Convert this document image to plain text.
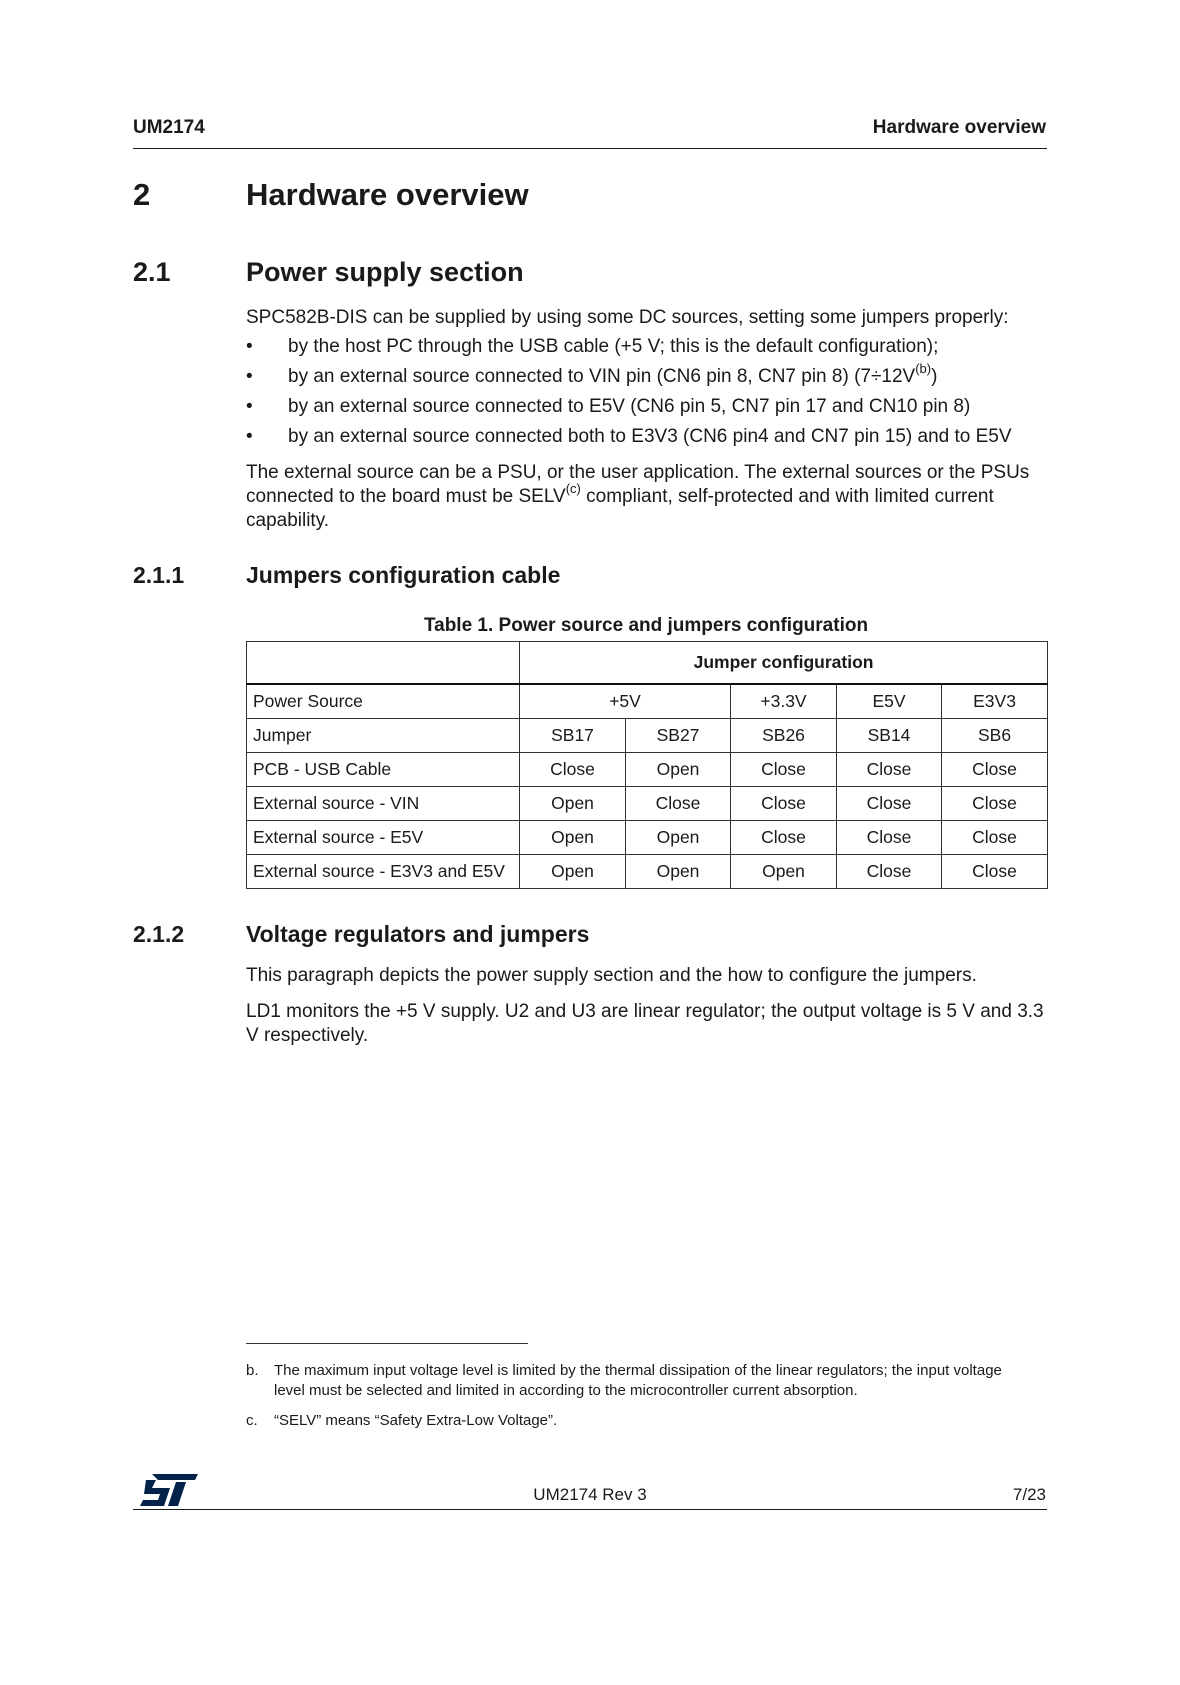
UM2174	Hardware overview
2	Hardware overview
2.1	Power supply section
SPC582B-DIS can be supplied by using some DC sources, setting some jumpers properly:
• by the host PC through the USB cable (+5 V; this is the default configuration);
• by an external source connected to VIN pin (CN6 pin 8, CN7 pin 8) $(7\div 12V^{(b)})$
• by an external source connected to E5V (CN6 pin 5, CN7 pin 17 and CN10 pin 8)
• by an external source connected both to E3V3 (CN6 pin4 and CN7 pin 15) and to E5V
The external source can be a PSU, or the user application. The external sources or the PSUs connected to the board must be SELV$^{(c)}$ compliant, self-protected and with limited current capability.
2.1.1	Jumpers configuration cable
Table 1. Power source and jumpers configuration
	Jumper configuration				
Power Source	+5V		+3.3V	E5V	E3V3
Jumper	SB17	SB27	SB26	SB14	SB6
PCB - USB Cable	Close	Open	Close	Close	Close
External source - VIN	Open	Close	Close	Close	Close
External source - E5V	Open	Open	Close	Close	Close
External source - E3V3 and E5V	Open	Open	Open	Close	Close
2.1.2	Voltage regulators and jumpers
This paragraph depicts the power supply section and the how to configure the jumpers.
LD1 monitors the +5 V supply. U2 and U3 are linear regulator; the output voltage is 5 V and 3.3 V respectively.
b. The maximum input voltage level is limited by the thermal dissipation of the linear regulators; the input voltage level must be selected and limited in according to the microcontroller current absorption.
c. “SELV” means “Safety Extra-Low Voltage”.
UM2174 Rev 3	7/23
